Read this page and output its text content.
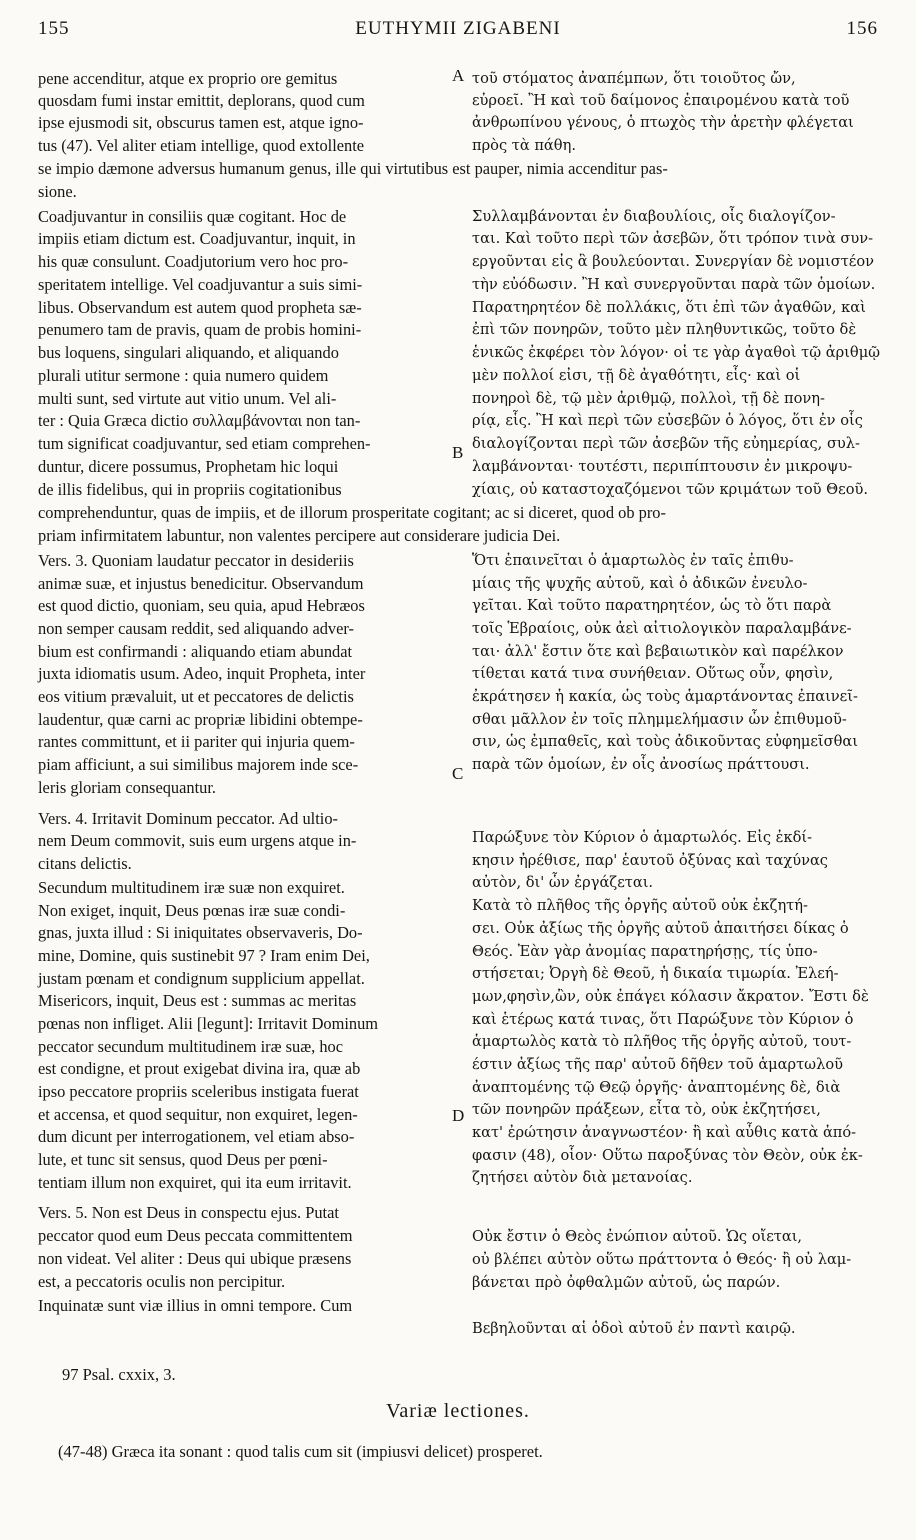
155	EUTHYMII ZIGABENI	156
pene accenditur, atque ex proprio ore gemitus
quosdam fumi instar emittit, deplorans, quod cum
ipse ejusmodi sit, obscurus tamen est, atque igno-
tus (47). Vel aliter etiam intellige, quod extollente
Coadjuvantur in consiliis quæ cogitant. Hoc de
impiis etiam dictum est. Coadjuvantur, inquit, in
his quæ consulunt. Coadjutorium vero hoc pro-
speritatem intellige. Vel coadjuvantur a suis simi-
libus. Observandum est autem quod propheta sæ-
penumero tam de pravis, quam de probis homini-
bus loquens, singulari aliquando, et aliquando
plurali utitur sermone : quia numero quidem
multi sunt, sed virtute aut vitio unum. Vel ali-
ter : Quia Græca dictio συλλαμβάνονται non tan-
tum significat coadjuvantur, sed etiam comprehen-
duntur, dicere possumus, Prophetam hic loqui
de illis fidelibus, qui in propriis cogitationibus
Vers. 3. Quoniam laudatur peccator in desideriis
animæ suæ, et injustus benedicitur. Observandum
est quod dictio, quoniam, seu quia, apud Hebræos
non semper causam reddit, sed aliquando adver-
bium est confirmandi : aliquando etiam abundat
juxta idiomatis usum. Adeo, inquit Propheta, inter
eos vitium prævaluit, ut et peccatores de delictis
laudentur, quæ carni ac propriæ libidini obtempe-
rantes committunt, et ii pariter qui injuria quem-
piam afficiunt, a sui similibus majorem inde sce-
leris gloriam consequantur.
Vers. 4. Irritavit Dominum peccator. Ad ultio-
nem Deum commovit, suis eum urgens atque in-
citans delictis.
Secundum multitudinem iræ suæ non exquiret.
Non exiget, inquit, Deus pœnas iræ suæ condi-
gnas, juxta illud : Si iniquitates observaveris, Do-
mine, Domine, quis sustinebit 97 ? Iram enim Dei,
justam pœnam et condignum supplicium appellat.
Misericors, inquit, Deus est : summas ac meritas
pœnas non infliget. Alii [legunt]: Irritavit Dominum
peccator secundum multitudinem iræ suæ, hoc
est condigne, et prout exigebat divina ira, quæ ab
ipso peccatore propriis sceleribus instigata fuerat
et accensa, et quod sequitur, non exquiret, legen-
dum dicunt per interrogationem, vel etiam abso-
lute, et tunc sit sensus, quod Deus per pœni-
tentiam illum non exquiret, qui ita eum irritavit.
Vers. 5. Non est Deus in conspectu ejus. Putat
peccator quod eum Deus peccata committentem
non videat. Vel aliter : Deus qui ubique præsens
est, a peccatoris oculis non percipitur.
Inquinatæ sunt viæ illius in omni tempore. Cum
τοῦ στόματος ἀναπέμπων, ὅτι τοιοῦτος ὤν,
εὐροεῖ. Ἢ καὶ τοῦ δαίμονος ἐπαιρομένου κατὰ τοῦ
ἀνθρωπίνου γένους, ὁ πτωχὸς τὴν ἀρετὴν φλέγεται
πρὸς τὰ πάθη.
Συλλαμβάνονται ἐν διαβουλίοις, οἷς διαλογίζον-
ται. Καὶ τοῦτο περὶ τῶν ἀσεβῶν, ὅτι τρόπον τινὰ συν-
εργοῦνται εἰς ἃ βουλεύονται. Συνεργίαν δὲ νομιστέον
τὴν εὐόδωσιν. Ἢ καὶ συνεργοῦνται παρὰ τῶν ὁμοίων.
Παρατηρητέον δὲ πολλάκις, ὅτι ἐπὶ τῶν ἀγαθῶν, καὶ
ἐπὶ τῶν πονηρῶν, τοῦτο μὲν πληθυντικῶς, τοῦτο δὲ
ἑνικῶς ἐκφέρει τὸν λόγον· οἱ τε γὰρ ἀγαθοὶ τῷ ἀριθμῷ
μὲν πολλοί εἰσι, τῇ δὲ ἀγαθότητι, εἷς· καὶ οἱ
πονηροὶ δὲ, τῷ μὲν ἀριθμῷ, πολλοὶ, τῇ δὲ πονη-
ρίᾳ, εἷς. Ἢ καὶ περὶ τῶν εὐσεβῶν ὁ λόγος, ὅτι ἐν οἷς
διαλογίζονται περὶ τῶν ἀσεβῶν τῆς εὐημερίας, συλ-
λαμβάνονται· τουτέστι, περιπίπτουσιν ἐν μικροψυ-
χίαις, οὐ καταστοχαζόμενοι τῶν κριμάτων τοῦ Θεοῦ.
Ὅτι ἐπαινεῖται ὁ ἁμαρτωλὸς ἐν ταῖς ἐπιθυ-
μίαις τῆς ψυχῆς αὐτοῦ, καὶ ὁ ἀδικῶν ἐνευλο-
γεῖται. Καὶ τοῦτο παρατηρητέον, ὡς τὸ ὅτι παρὰ
τοῖς Ἑβραίοις, οὐκ ἀεὶ αἰτιολογικὸν παραλαμβάνε-
ται· ἀλλ' ἔστιν ὅτε καὶ βεβαιωτικὸν καὶ παρέλκον
τίθεται κατά τινα συνήθειαν. Οὕτως οὖν, φησὶν,
ἐκράτησεν ἡ κακία, ὡς τοὺς ἁμαρτάνοντας ἐπαινεῖ-
σθαι μᾶλλον ἐν τοῖς πλημμελήμασιν ὧν ἐπιθυμοῦ-
σιν, ὡς ἐμπαθεῖς, καὶ τοὺς ἀδικοῦντας εὐφημεῖσθαι
παρὰ τῶν ὁμοίων, ἐν οἷς ἀνοσίως πράττουσι.
Παρώξυνε τὸν Κύριον ὁ ἁμαρτωλός. Εἰς ἐκδί-
κησιν ἠρέθισε, παρ' ἑαυτοῦ ὀξύνας καὶ ταχύνας
αὐτὸν, δι' ὧν ἐργάζεται.
Κατὰ τὸ πλῆθος τῆς ὀργῆς αὐτοῦ οὐκ ἐκζητή-
σει. Οὐκ ἀξίως τῆς ὀργῆς αὐτοῦ ἀπαιτήσει δίκας ὁ
Θεός. Ἐὰν γὰρ ἀνομίας παρατηρήσῃς, τίς ὑπο-
στήσεται; Ὀργὴ δὲ Θεοῦ, ἡ δικαία τιμωρία. Ἐλεή-
μων,φησὶν,ὢν, οὐκ ἐπάγει κόλασιν ἄκρατον. Ἔστι δὲ
καὶ ἑτέρως κατά τινας, ὅτι Παρώξυνε τὸν Κύριον ὁ
ἁμαρτωλὸς κατὰ τὸ πλῆθος τῆς ὀργῆς αὐτοῦ, τουτ-
έστιν ἀξίως τῆς παρ' αὐτοῦ δῆθεν τοῦ ἁμαρτωλοῦ
ἀναπτομένης τῷ Θεῷ ὀργῆς· ἀναπτομένης δὲ, διὰ
τῶν πονηρῶν πράξεων, εἶτα τὸ, οὐκ ἐκζητήσει,
κατ' ἐρώτησιν ἀναγνωστέον· ἢ καὶ αὖθις κατὰ ἀπό-
φασιν (48), οἷον· Οὕτω παροξύνας τὸν Θεὸν, οὐκ ἐκ-
ζητήσει αὐτὸν διὰ μετανοίας.
Οὐκ ἔστιν ὁ Θεὸς ἐνώπιον αὐτοῦ. Ὡς οἴεται,
οὐ βλέπει αὐτὸν οὕτω πράττοντα ὁ Θεός· ἢ οὐ λαμ-
βάνεται πρὸ ὀφθαλμῶν αὐτοῦ, ὡς παρών.
Βεβηλοῦνται αἱ ὁδοὶ αὐτοῦ ἐν παντὶ καιρῷ.
se impio dæmone adversus humanum genus, ille qui virtutibus est pauper, nimia accenditur pas-
sione.
comprehenduntur, quas de impiis, et de illorum prosperitate cogitant; ac si diceret, quod ob pro-
priam infirmitatem labuntur, non valentes percipere aut considerare judicia Dei.
A
B
C
D
97 Psal. cxxix, 3.
Variæ lectiones.
(47-48) Græca ita sonant : quod talis cum sit (impiusvi delicet) prosperet.
